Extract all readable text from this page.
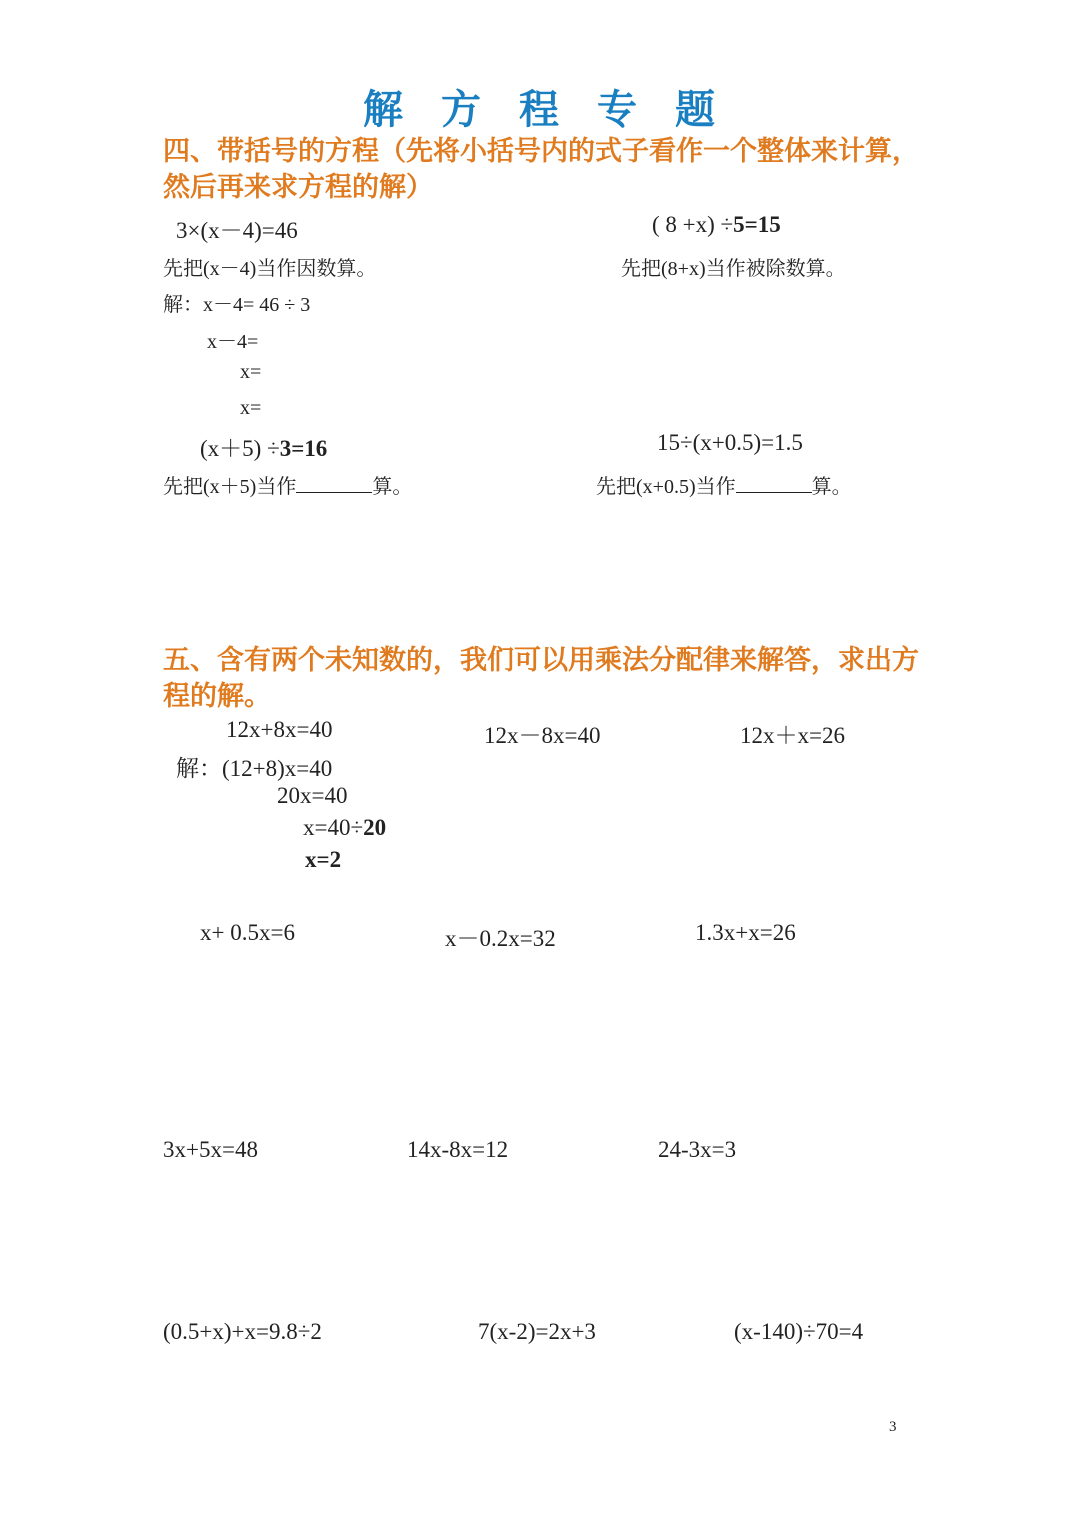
解 方 程 专 题
四、带括号的方程（先将小括号内的式子看作一个整体来计算，然后再来求方程的解）
3×(x－4)=46
先把(x－4)当作因数算。
解：x－4= 46 ÷ 3
x－4=
x=
x=
( 8 +x) ÷5=15
先把(8+x)当作被除数算。
(x＋5) ÷3=16
先把(x＋5)当作	算。
15÷(x+0.5)=1.5
先把(x+0.5)当作	算。
五、含有两个未知数的，我们可以用乘法分配律来解答，求出方程的解。
12x+8x=40	12x－8x=40	12x＋x=26
解：(12+8)x=40
20x=40
x=40÷20
x=2
x+ 0.5x=6	x－0.2x=32	1.3x+x=26
3x+5x=48	14x-8x=12	24-3x=3
(0.5+x)+x=9.8÷2	7(x-2)=2x+3	(x-140)÷70=4
3
